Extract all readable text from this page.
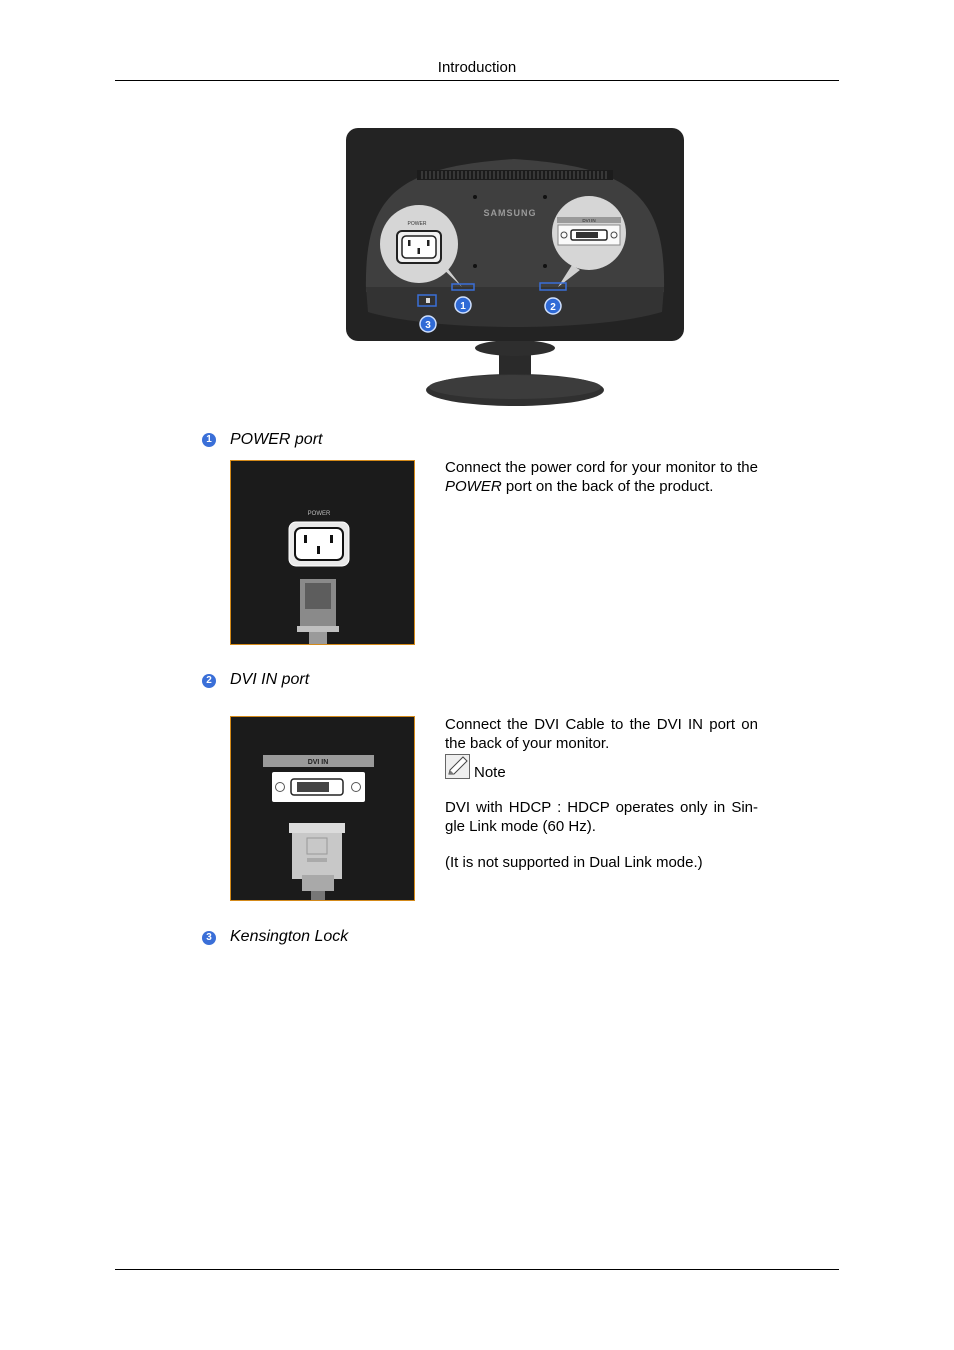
Introduction
SAMSUNG
POWER
DVI IN
1	2
3
1 POWER port
POWER
Connect the power cord for your monitor to the POWER port on the back of the product.
2 DVI IN port
DVI IN
Connect the DVI Cable to the DVI IN port on the back of your monitor.
Note
DVI with HDCP : HDCP operates only in Sin-gle Link mode (60 Hz).
(It is not supported in Dual Link mode.)
3 Kensington Lock
